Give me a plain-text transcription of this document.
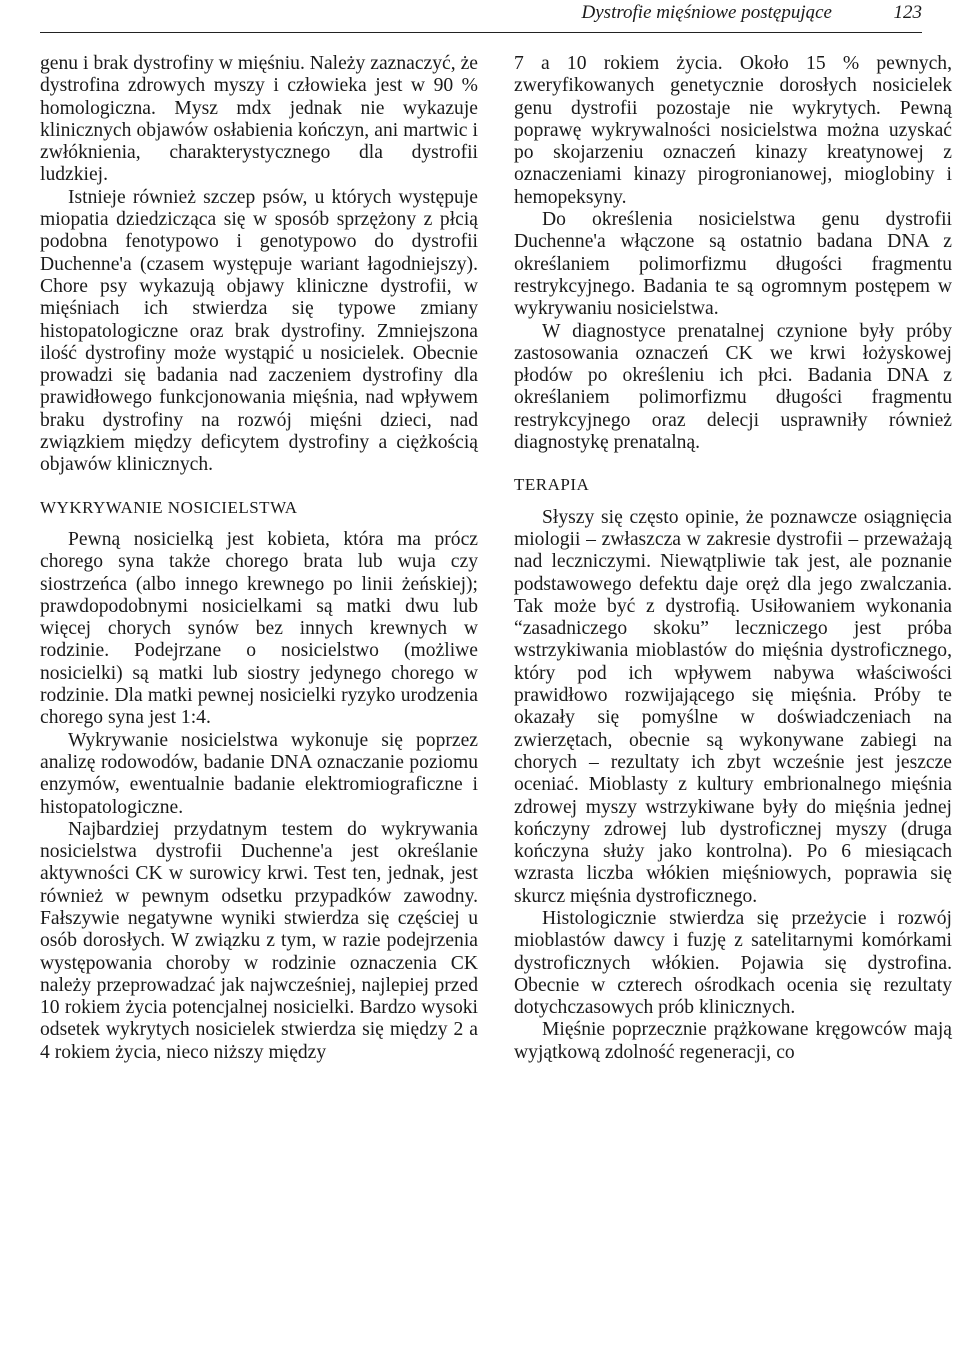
Dystrofie mięśniowe postępujące	123

genu i brak dystrofiny w mięśniu. Należy zaznaczyć, że dystrofina zdrowych myszy i człowieka jest w 90 % homologiczna. Mysz mdx jednak nie wykazuje klinicznych objawów osłabienia kończyn, ani martwic i zwłóknienia, charakterystycznego dla dystrofii ludzkiej.

Istnieje również szczep psów, u których występuje miopatia dziedzicząca się w sposób sprzężony z płcią podobna fenotypowo i genotypowo do dystrofii Duchenne'a (czasem występuje wariant łagodniejszy). Chore psy wykazują objawy kliniczne dystrofii, w mięśniach ich stwierdza się typowe zmiany histopatologiczne oraz brak dystrofiny. Zmniejszona ilość dystrofiny może wystąpić u nosicielek. Obecnie prowadzi się badania nad zaczeniem dystrofiny dla prawidłowego funkcjonowania mięśnia, nad wpływem braku dystrofiny na rozwój mięśni dzieci, nad związkiem między deficytem dystrofiny a ciężkością objawów klinicznych.

WYKRYWANIE NOSICIELSTWA

Pewną nosicielką jest kobieta, która ma prócz chorego syna także chorego brata lub wuja czy siostrzeńca (albo innego krewnego po linii żeńskiej); prawdopodobnymi nosicielkami są matki dwu lub więcej chorych synów bez innych krewnych w rodzinie. Podejrzane o nosicielstwo (możliwe nosicielki) są matki lub siostry jedynego chorego w rodzinie. Dla matki pewnej nosicielki ryzyko urodzenia chorego syna jest 1:4.

Wykrywanie nosicielstwa wykonuje się poprzez analizę rodowodów, badanie DNA oznaczanie poziomu enzymów, ewentualnie badanie elektromiograficzne i histopatologiczne.

Najbardziej przydatnym testem do wykrywania nosicielstwa dystrofii Duchenne'a jest określanie aktywności CK w surowicy krwi. Test ten, jednak, jest również w pewnym odsetku przypadków zawodny. Fałszywie negatywne wyniki stwierdza się częściej u osób dorosłych. W związku z tym, w razie podejrzenia występowania choroby w rodzinie oznaczenia CK należy przeprowadzać jak najwcześniej, najlepiej przed 10 rokiem życia potencjalnej nosicielki. Bardzo wysoki odsetek wykrytych nosicielek stwierdza się między 2 a 4 rokiem życia, nieco niższy między

7 a 10 rokiem życia. Około 15 % pewnych, zweryfikowanych genetycznie dorosłych nosicielek genu dystrofii pozostaje nie wykrytych. Pewną poprawę wykrywalności nosicielstwa można uzyskać po skojarzeniu oznaczeń kinazy kreatynowej z oznaczeniami kinazy pirogronianowej, mioglobiny i hemopeksyny.

Do określenia nosicielstwa genu dystrofii Duchenne'a włączone są ostatnio badana DNA z określaniem polimorfizmu długości fragmentu restrykcyjnego. Badania te są ogromnym postępem w wykrywaniu nosicielstwa.

W diagnostyce prenatalnej czynione były próby zastosowania oznaczeń CK we krwi łożyskowej płodów po określeniu ich płci. Badania DNA z określaniem polimorfizmu długości fragmentu restrykcyjnego oraz delecji usprawniły również diagnostykę prenatalną.

TERAPIA

Słyszy się często opinie, że poznawcze osiągnięcia miologii – zwłaszcza w zakresie dystrofii – przeważają nad leczniczymi. Niewątpliwie tak jest, ale poznanie podstawowego defektu daje oręż dla jego zwalczania. Tak może być z dystrofią. Usiłowaniem wykonania “zasadniczego skoku” leczniczego jest próba wstrzykiwania mioblastów do mięśnia dystroficznego, który pod ich wpływem nabywa właściwości prawidłowo rozwijającego się mięśnia. Próby te okazały się pomyślne w doświadczeniach na zwierzętach, obecnie są wykonywane zabiegi na chorych – rezultaty ich zbyt wcześnie jest jeszcze oceniać. Mioblasty z kultury embrionalnego mięśnia zdrowej myszy wstrzykiwane były do mięśnia jednej kończyny zdrowej lub dystroficznej myszy (druga kończyna służy jako kontrolna). Po 6 miesiącach wzrasta liczba włókien mięśniowych, poprawia się skurcz mięśnia dystroficznego.

Histologicznie stwierdza się przeżycie i rozwój mioblastów dawcy i fuzję z satelitarnymi komórkami dystroficznych włókien. Pojawia się dystrofina. Obecnie w czterech ośrodkach ocenia się rezultaty dotychczasowych prób klinicznych.

Mięśnie poprzecznie prążkowane kręgowców mają wyjątkową zdolność regeneracji, co
